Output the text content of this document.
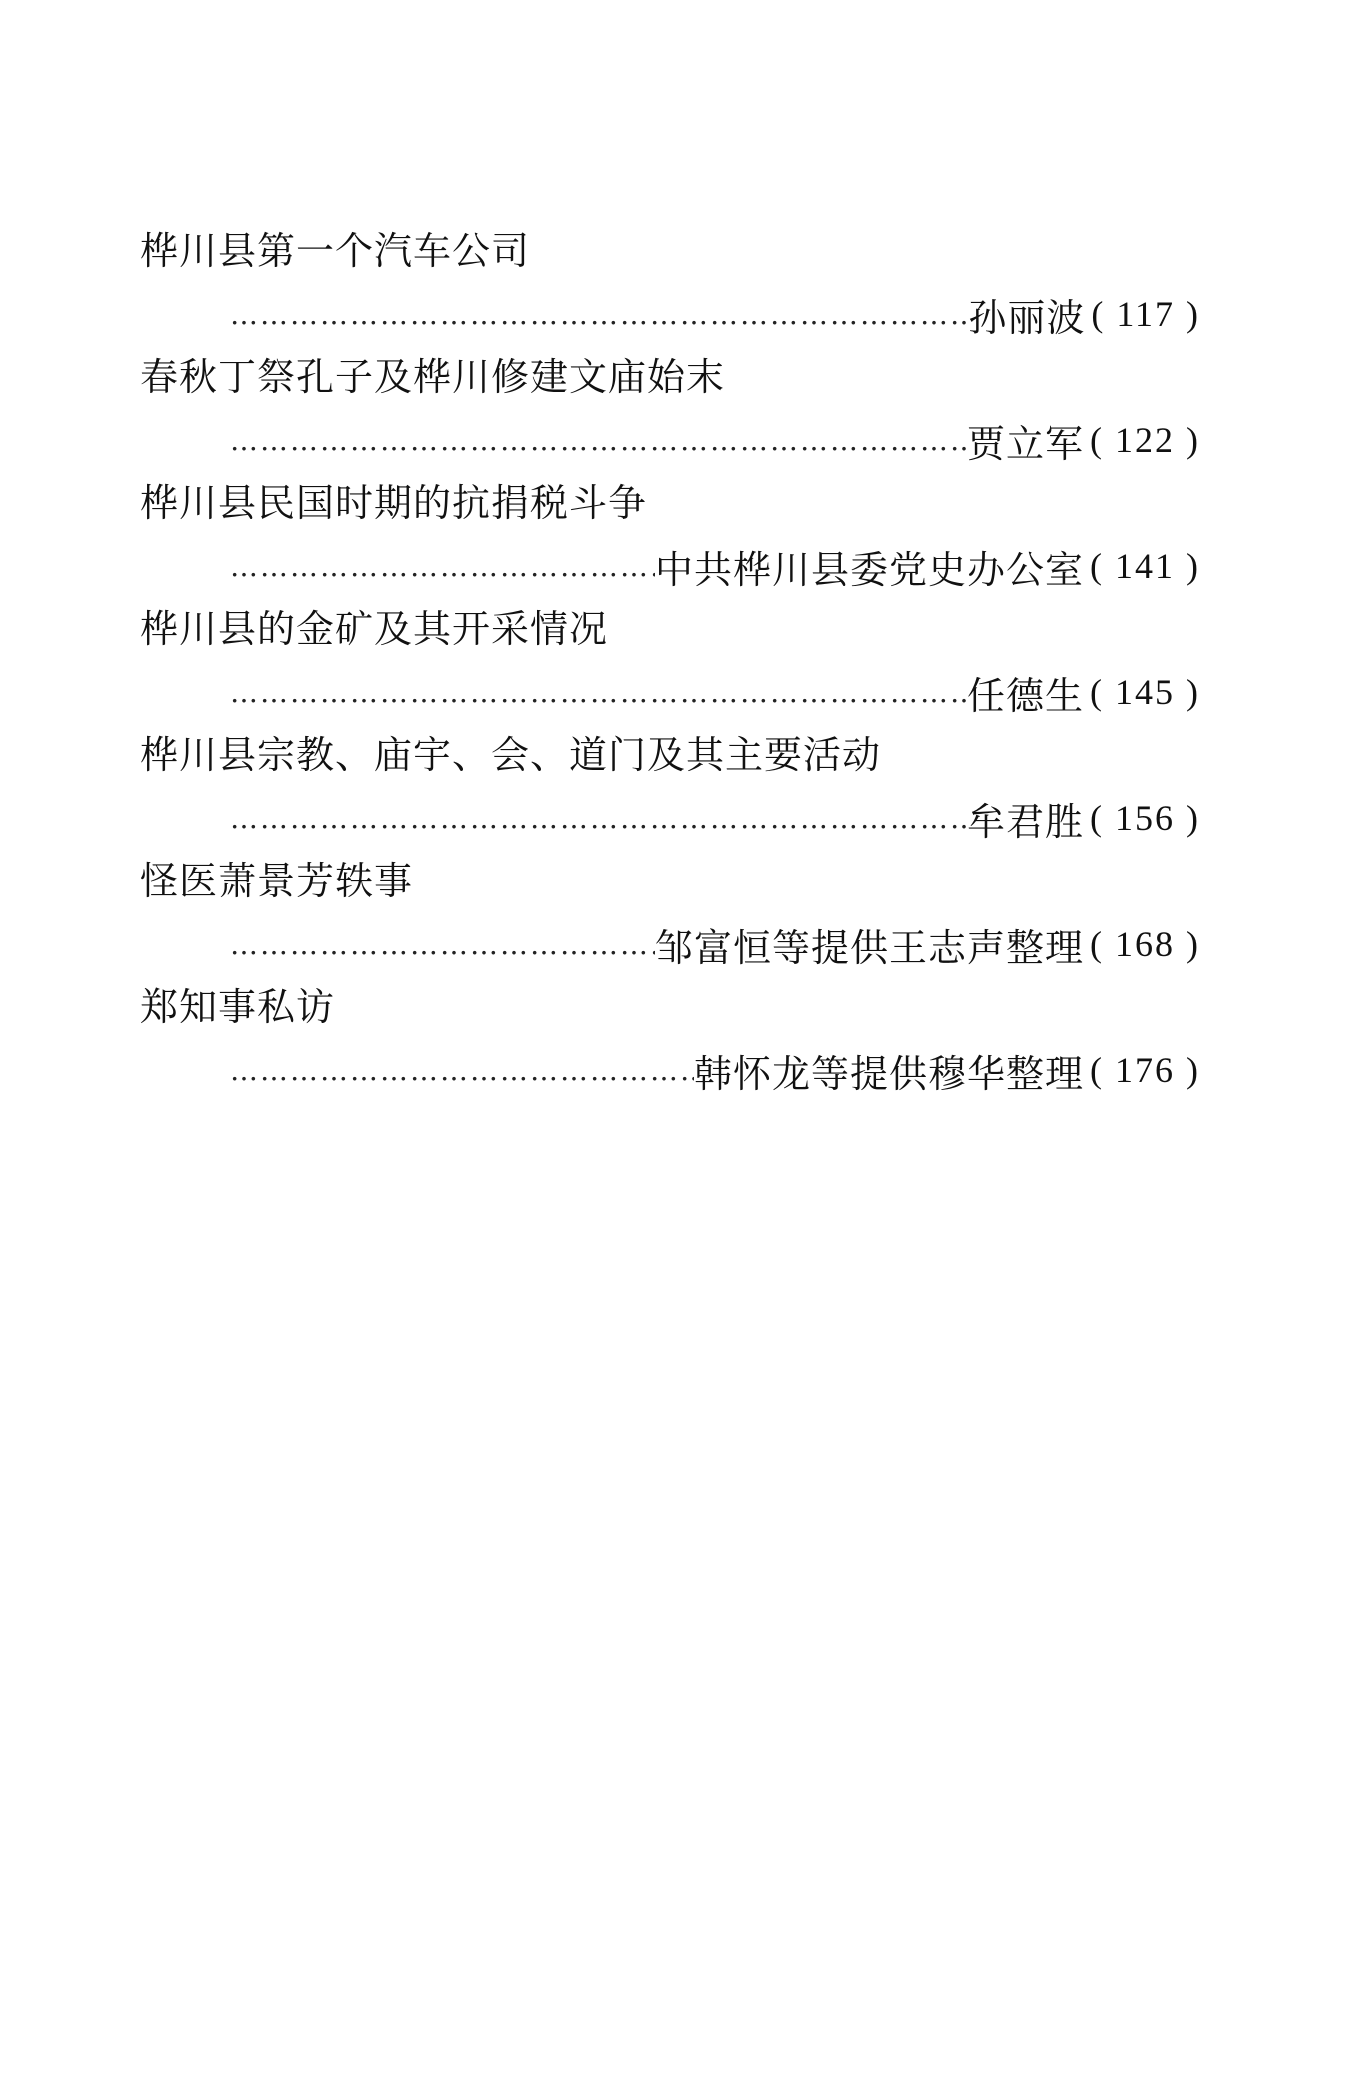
桦川县第一个汽车公司
………………………………………………………………………………………………………………………………
孙丽波 ( 117 )
春秋丁祭孔子及桦川修建文庙始末
………………………………………………………………………………………………………………………………
贾立军 ( 122 )
桦川县民国时期的抗捐税斗争
………………………………………………………………………………………………………………………………
中共桦川县委党史办公室 ( 141 )
桦川县的金矿及其开采情况
………………………………………………………………………………………………………………………………
任德生 ( 145 )
桦川县宗教、庙宇、会、道门及其主要活动
………………………………………………………………………………………………………………………………
牟君胜 ( 156 )
怪医萧景芳轶事
………………………………………………………………………………………………………………………………
邹富恒等提供王志声整理 ( 168 )
郑知事私访
………………………………………………………………………………………………………………………………
韩怀龙等提供穆华整理 ( 176 )
